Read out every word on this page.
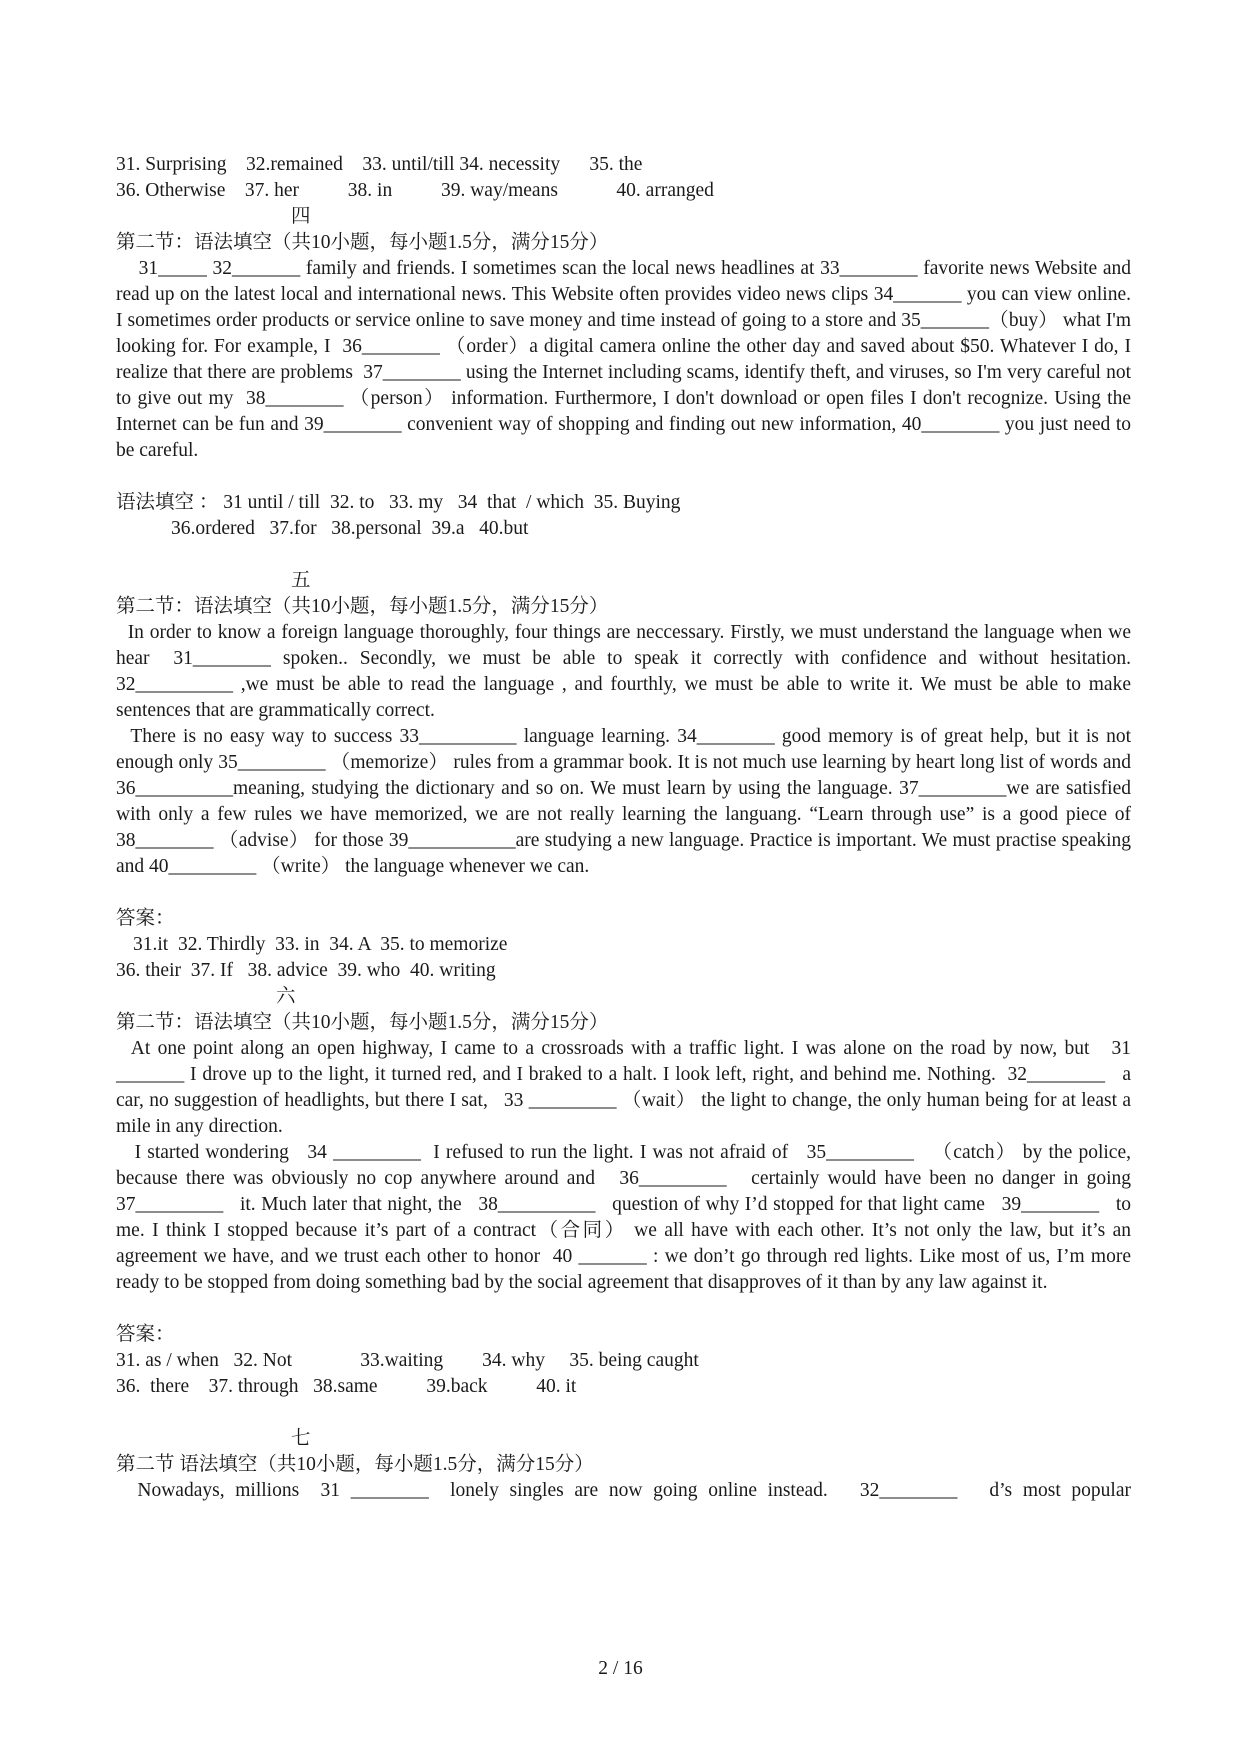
31. Surprising    32.remained    33. until/till 34. necessity      35. the
36. Otherwise    37. her          38. in          39. way/means            40. arranged
四
第二节：语法填空（共10小题，每小题1.5分，满分15分）
31_____ 32_______ family and friends. I sometimes scan the local news headlines at 33________ favorite news Website and read up on the latest local and international news. This Website often provides video news clips 34_______ you can view online. I sometimes order products or service online to save money and time instead of going to a store and 35_______（buy） what I'm looking for. For example, I  36________ （order）a digital camera online the other day and saved about $50. Whatever I do, I realize that there are problems  37________ using the Internet including scams, identify theft, and viruses, so I'm very careful not to give out my  38________ （person） information. Furthermore, I don't download or open files I don't recognize. Using the Internet can be fun and 39________ convenient way of shopping and finding out new information, 40________ you just need to be careful.
语法填空 ： 31 until / till  32. to   33. my   34  that  / which  35. Buying
36.ordered   37.for   38.personal  39.a   40.but
五
第二节：语法填空（共10小题，每小题1.5分，满分15分）
In order to know a foreign language thoroughly, four things are neccessary. Firstly, we must understand the language when we hear  31________ spoken.. Secondly, we must be able to speak it correctly with confidence and without hesitation. 32__________ ,we must be able to read the language , and fourthly, we must be able to write it. We must be able to make sentences that are grammatically correct.
There is no easy way to success 33__________ language learning. 34________ good memory is of great help, but it is not enough only 35_________ （memorize） rules from a grammar book. It is not much use learning by heart long list of words and 36__________meaning, studying the dictionary and so on. We must learn by using the language. 37_________we are satisfied with only a few rules we have memorized, we are not really learning the languang. “Learn through use” is a good piece of  38________ （advise） for those 39___________are studying a new language. Practice is important. We must practise speaking and 40_________ （write） the language whenever we can.
答案：
31.it  32. Thirdly  33. in  34. A  35. to memorize
36. their  37. If   38. advice  39. who  40. writing
六
第二节：语法填空（共10小题，每小题1.5分，满分15分）
At one point along an open highway, I came to a crossroads with a traffic light. I was alone on the road by now, but   31 _______ I drove up to the light, it turned red, and I braked to a halt. I look left, right, and behind me. Nothing.  32________   a car, no suggestion of headlights, but there I sat,   33 _________ （wait） the light to change, the only human being for at least a mile in any direction.
I started wondering   34 _________  I refused to run the light. I was not afraid of   35_________   （catch） by the police, because there was obviously no cop anywhere around and   36_________   certainly would have been no danger in going   37_________   it. Much later that night, the   38__________   question of why I’d stopped for that light came   39________   to me. I think I stopped because it’s part of a contract（合同） we all have with each other. It’s not only the law, but it’s an agreement we have, and we trust each other to honor  40 _______ : we don’t go through red lights. Like most of us, I’m more ready to be stopped from doing something bad by the social agreement that disapproves of it than by any law against it.
答案：
31. as / when   32. Not              33.waiting        34. why     35. being caught
36.  there    37. through   38.same          39.back          40. it
七
第二节 语法填空（共10小题，每小题1.5分，满分15分）
Nowadays, millions  31 ________  lonely singles are now going online instead.   32________   d’s most popular
2 / 16
